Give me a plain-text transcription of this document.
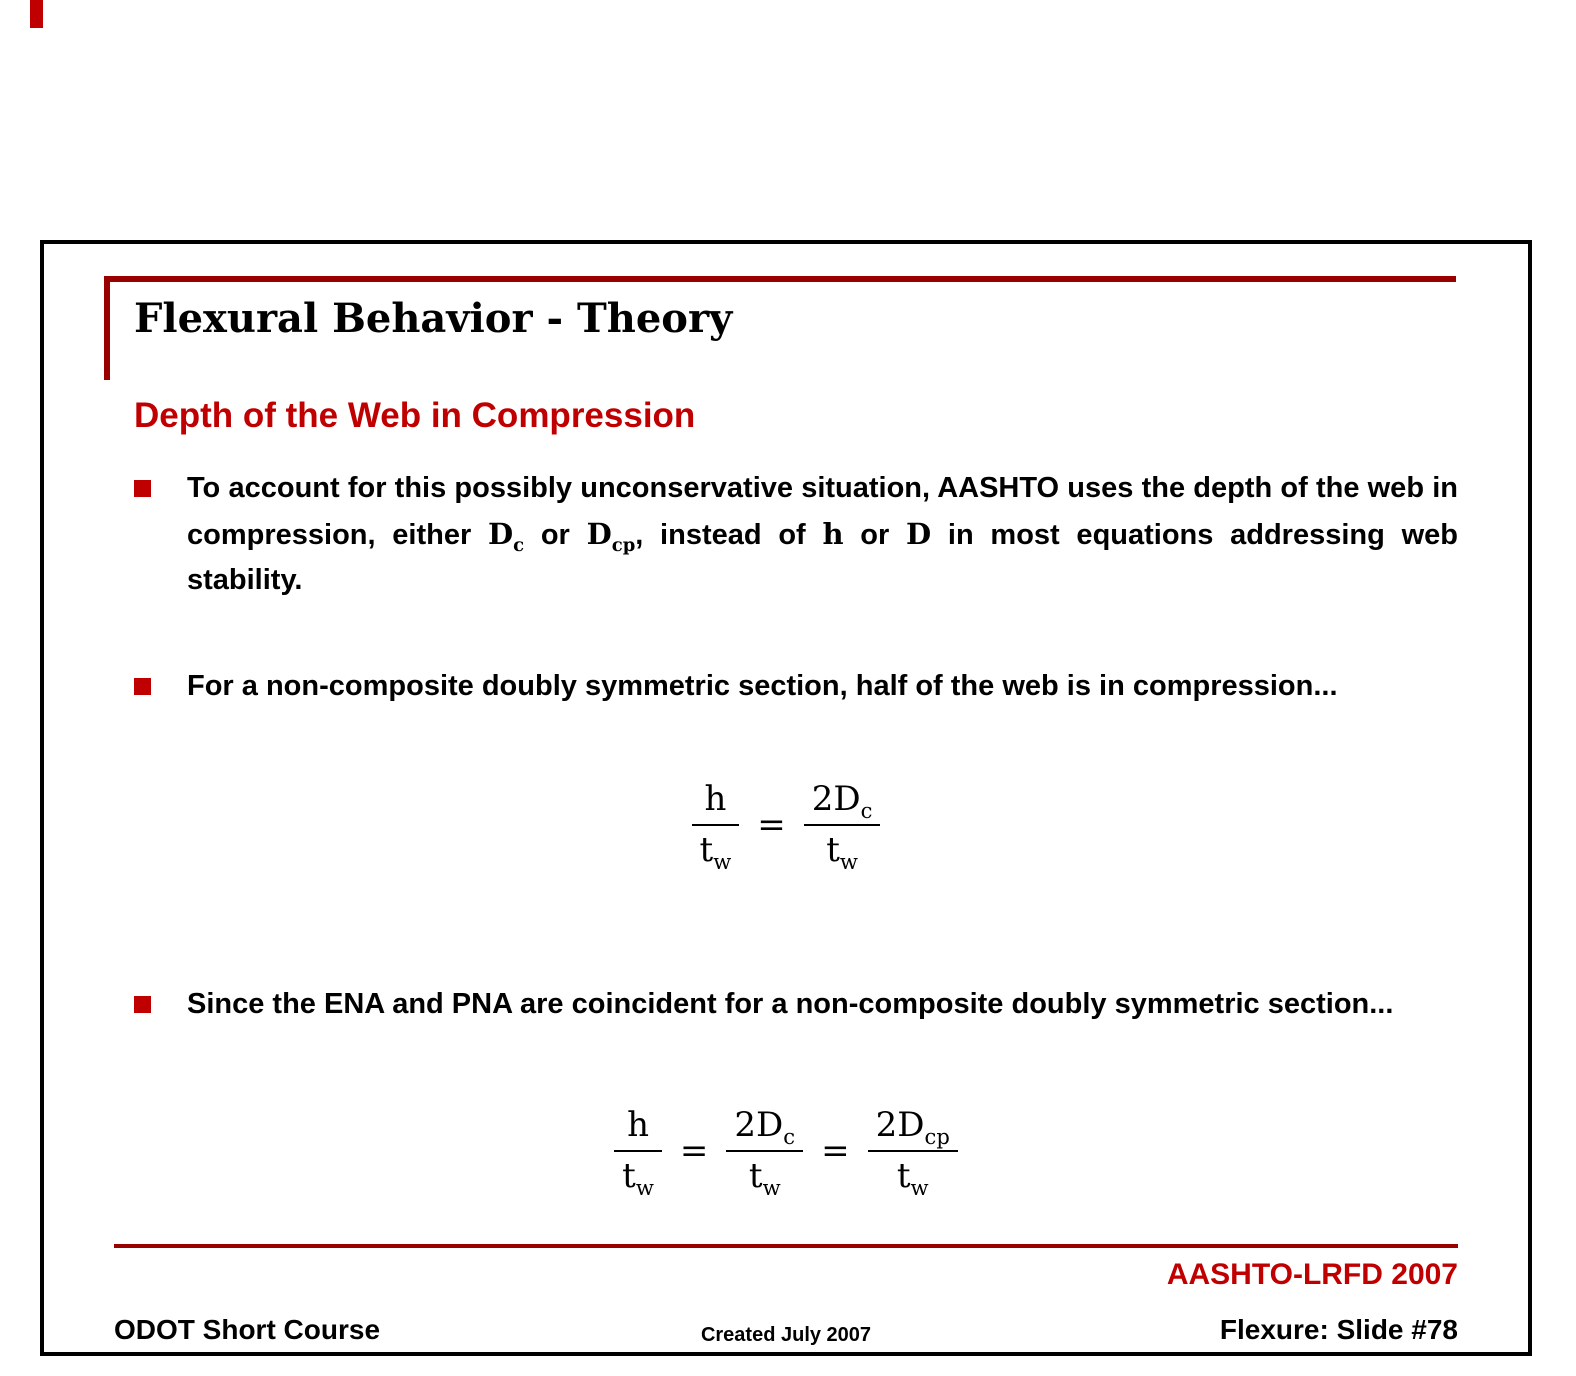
Flexural Behavior - Theory
Depth of the Web in Compression

To account for this possibly unconservative situation, AASHTO uses the depth of the web in compression, either $D_c$ or $D_{cp}$, instead of h or D in most equations addressing web stability.

For a non-composite doubly symmetric section, half of the web is in compression...

$\frac{h}{t_w} = \frac{2D_c}{t_w}$

Since the ENA and PNA are coincident for a non-composite doubly symmetric section...

$\frac{h}{t_w} = \frac{2D_c}{t_w} = \frac{2D_{cp}}{t_w}$
AASHTO-LRFD 2007
ODOT Short Course	Created July 2007	Flexure: Slide #78
